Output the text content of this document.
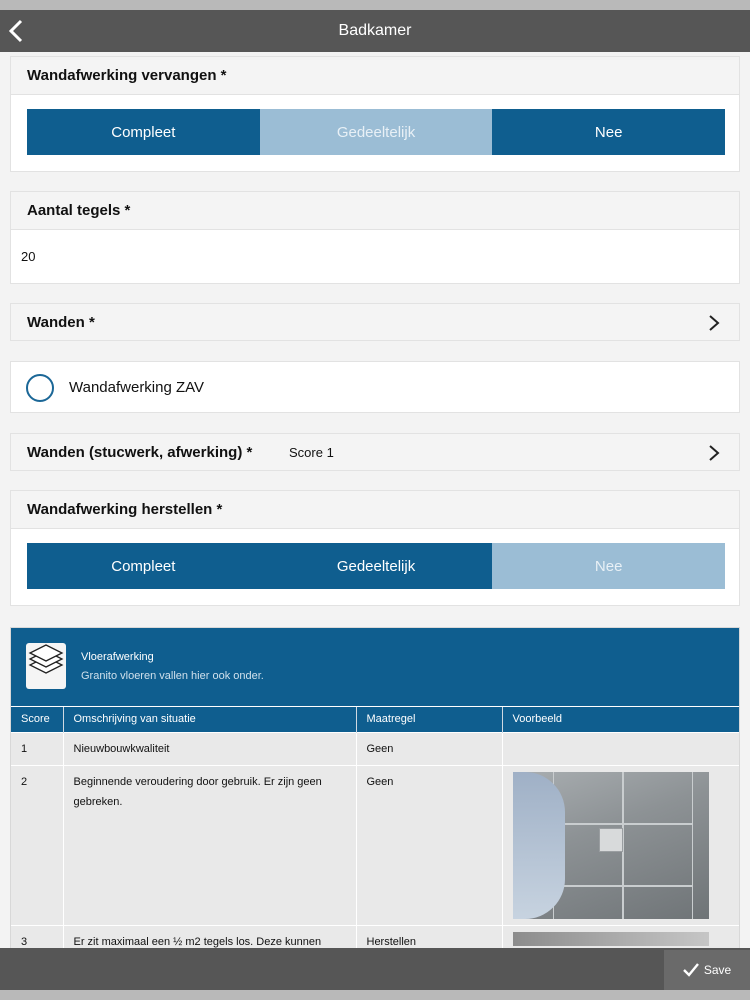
Badkamer
Wandafwerking vervangen *
Compleet	Gedeeltelijk	Nee
Aantal tegels *
20
Wanden *
Wandafwerking ZAV
Wanden (stucwerk, afwerking) *	Score 1
Wandafwerking herstellen *
Compleet	Gedeeltelijk	Nee
Vloerafwerking
Granito vloeren vallen hier ook onder.
Score	Omschrijving van situatie	Maatregel	Voorbeeld
1	Nieuwbouwkwaliteit	Geen	
2	Beginnende veroudering door gebruik. Er zijn geen gebreken.	Geen	

3	Er zit maximaal een ½ m2 tegels los. Deze kunnen	Herstellen	
Save
